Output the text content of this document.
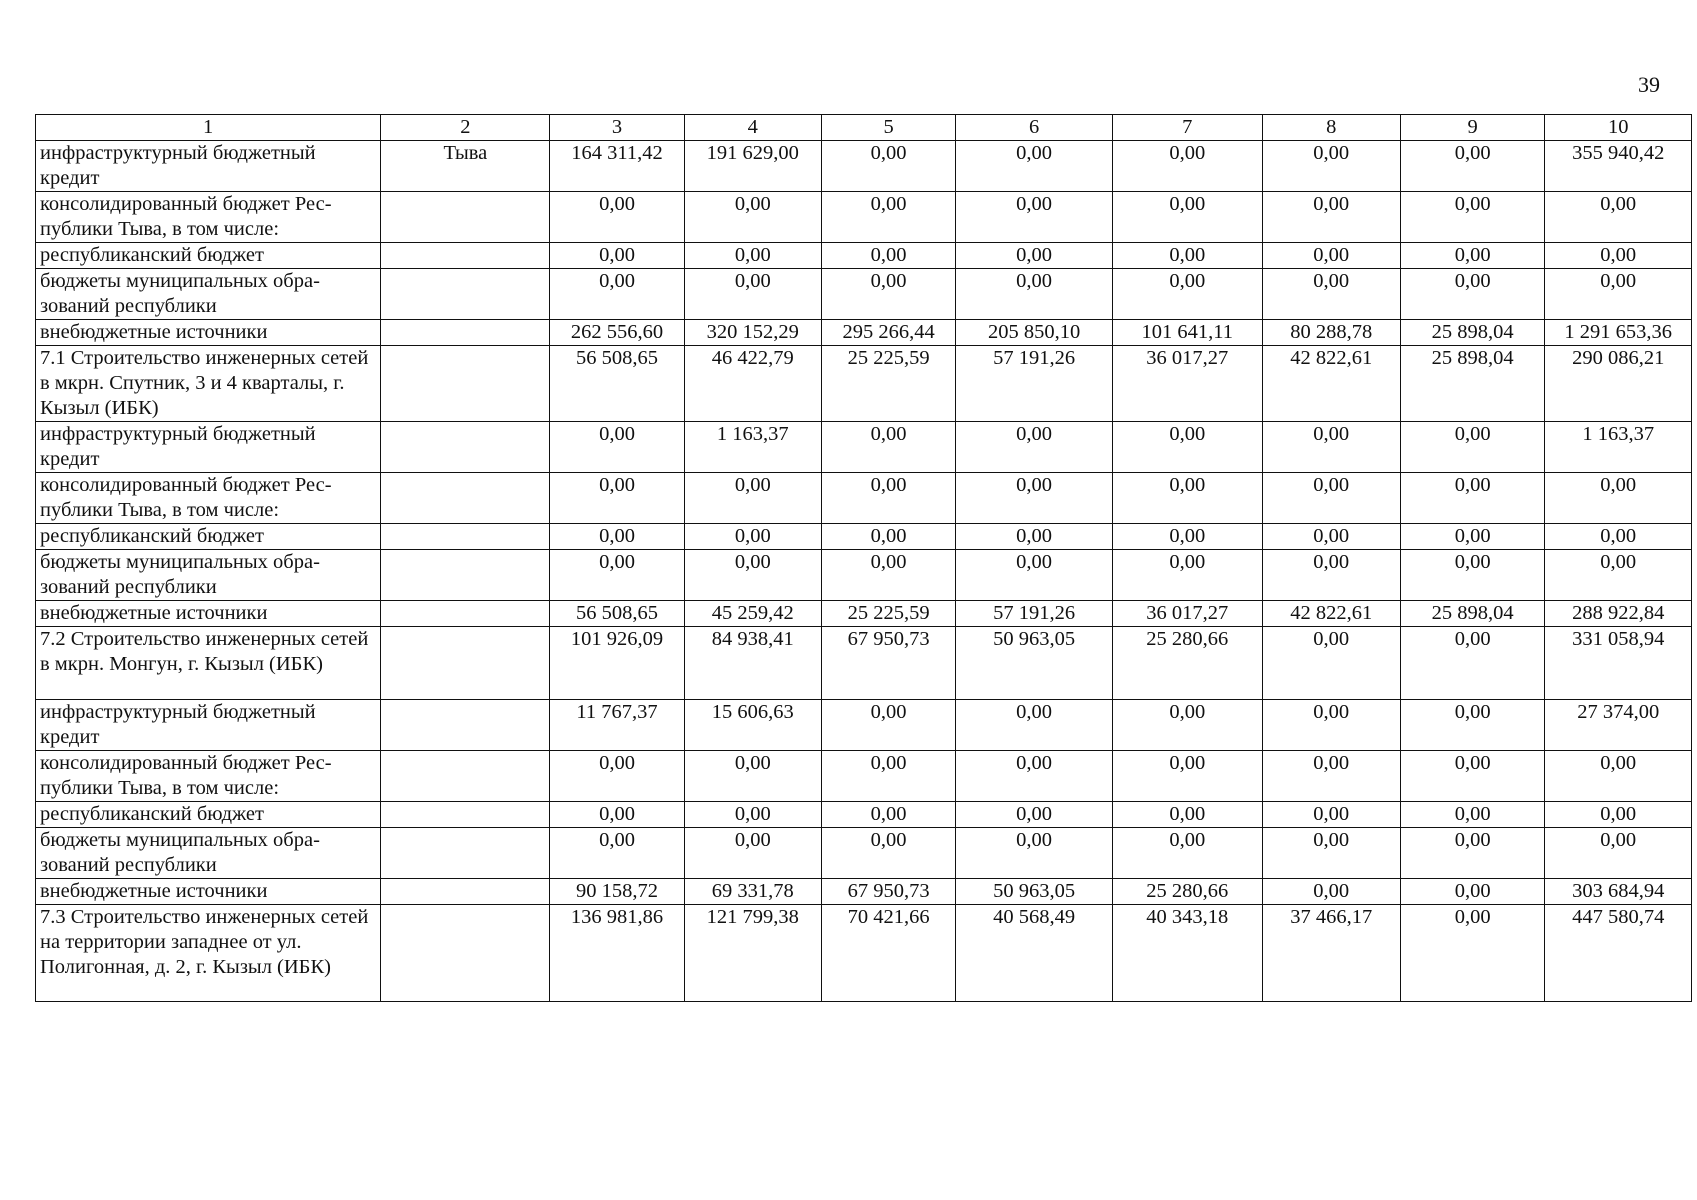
39
1	2	3	4	5	6	7	8	9	10
инфраструктурный бюджетный кредит	Тыва	164 311,42	191 629,00	0,00	0,00	0,00	0,00	0,00	355 940,42
консолидированный бюджет Рес-публики Тыва, в том числе:		0,00	0,00	0,00	0,00	0,00	0,00	0,00	0,00
республиканский бюджет		0,00	0,00	0,00	0,00	0,00	0,00	0,00	0,00
бюджеты муниципальных обра-зований республики		0,00	0,00	0,00	0,00	0,00	0,00	0,00	0,00
внебюджетные источники		262 556,60	320 152,29	295 266,44	205 850,10	101 641,11	80 288,78	25 898,04	1 291 653,36
7.1 Строительство инженерных сетей в мкрн. Спутник, 3 и 4 кварталы, г. Кызыл (ИБК)		56 508,65	46 422,79	25 225,59	57 191,26	36 017,27	42 822,61	25 898,04	290 086,21
инфраструктурный бюджетный кредит		0,00	1 163,37	0,00	0,00	0,00	0,00	0,00	1 163,37
консолидированный бюджет Рес-публики Тыва, в том числе:		0,00	0,00	0,00	0,00	0,00	0,00	0,00	0,00
республиканский бюджет		0,00	0,00	0,00	0,00	0,00	0,00	0,00	0,00
бюджеты муниципальных обра-зований республики		0,00	0,00	0,00	0,00	0,00	0,00	0,00	0,00
внебюджетные источники		56 508,65	45 259,42	25 225,59	57 191,26	36 017,27	42 822,61	25 898,04	288 922,84
7.2 Строительство инженерных сетей в мкрн. Монгун, г. Кызыл (ИБК)		101 926,09	84 938,41	67 950,73	50 963,05	25 280,66	0,00	0,00	331 058,94
инфраструктурный бюджетный кредит		11 767,37	15 606,63	0,00	0,00	0,00	0,00	0,00	27 374,00
консолидированный бюджет Рес-публики Тыва, в том числе:		0,00	0,00	0,00	0,00	0,00	0,00	0,00	0,00
республиканский бюджет		0,00	0,00	0,00	0,00	0,00	0,00	0,00	0,00
бюджеты муниципальных обра-зований республики		0,00	0,00	0,00	0,00	0,00	0,00	0,00	0,00
внебюджетные источники		90 158,72	69 331,78	67 950,73	50 963,05	25 280,66	0,00	0,00	303 684,94
7.3 Строительство инженерных сетей на территории западнее от ул. Полигонная, д. 2, г. Кызыл (ИБК)		136 981,86	121 799,38	70 421,66	40 568,49	40 343,18	37 466,17	0,00	447 580,74
